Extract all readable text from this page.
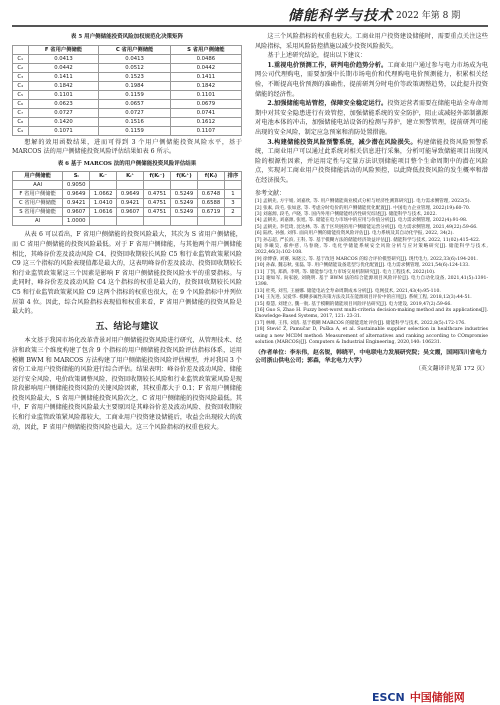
储能科学与技术 2022 年第 8 期
表 5 用户侧储能投资风险加权规范化决策矩阵
	F 省用户侧储能	C 省用户侧储能	S 省用户侧储能
C₁	0.0413	0.0413	0.0486
C₂	0.0442	0.0512	0.0442
C₃	0.1411	0.1523	0.1411
C₄	0.1842	0.1984	0.1842
C₅	0.1101	0.1159	0.1101
C₆	0.0623	0.0657	0.0679
C₇	0.0727	0.0727	0.0741
C₈	0.1420	0.1516	0.1612
C₉	0.1071	0.1159	0.1107

想解的效用函数结果，进而可得到 3 个用户侧储能投资风险水平，基于 MARCOS 法的用户侧储能投资风险评估结果如表 6 所示。

表 6 基于 MARCOS 法的用户侧储能投资风险评估结果
用户侧储能	Sᵢ	Kᵢ⁻	Kᵢ⁺	f(Kᵢ⁻)	f(Kᵢ⁺)	f(Kᵢ)	排序
AAI	0.9050						
F 省用户侧储能	0.9649	1.0662	0.9649	0.4751	0.5249	0.6748	1
C 省用户侧储能	0.9421	1.0410	0.9421	0.4751	0.5249	0.6588	3
S 省用户侧储能	0.9607	1.0616	0.9607	0.4751	0.5249	0.6719	2
AI	1.0000						

从表 6 可以看出，F 省用户侧储能的投资风险最大，其次为 S 省用户侧储能，而 C 省用户侧储能的投资风险最低。对于 F 省用户侧储能，与其他两个用户侧储能相比，其峰谷价差及波动风险 C4、投资回收期较长风险 C5 和行业监管政策紧风险 C9 这三个指标的风险表现值都是最大的，这表明峰谷价差及波动、投资回收期较长和行业监管政策紧这三个因素是影响 F 省用户侧储能投资风险水平的重要指标。与此同时，峰谷价差及波动风险 C4 这个指标的权重是最大的，投资回收期较长风险 C5 和行业监管政策紧风险 C9 这两个指标的权重也很大，在 9 个风险指标中并列位居第 4 位。因此，综合风险指标表现值和权重来看，F 省用户侧储能的投资风险是最大的。

五、结论与建议

本文基于我国市场化改革背景对用户侧储能投资风险进行研究，从管理技术、经济和政策三个维度构建了包含 9 个指标的用户侧储能投资风险评估指标体系，运用模糊 BWM 和 MARCOS 方法构建了用户侧储能投资风险评估模型，并对我国 3 个省份工业用户投资储能的风险进行综合评估。结果表明：峰谷价差及波动风险、储能运行安全风险、电价政策调整风险、投资回收期较长风险和行业监管政策紧风险是现阶段影响用户侧储能投资风险的关键风险因素，其权重都大于 0.1；F 省用户侧储能投资风险最大，S 省用户侧储能投资风险次之，C 省用户侧储能的投资风险最低。其中，F 省用户侧储能投资风险最大主要原因是其峰谷价差及波动风险、投资回收期较长和行业监管政策紧风险都较大，工商业用户投资建设储能后，收益会出现较大的波动，因此，F 省用户侧储能投资风险也最大。这三个风险指标的权重也较大。

这三个风险指标的权重也较大。工商业用户投资建设储能时，需要重点关注这些风险指标，采用风险防控措施以减少投资风险损失。

基于上述研究结论，提出以下建议：

1.重视电价预测工作，研判电价趋势分析。工商业用户通过参与电力市场成为电网公司代理购电，需要加强中长期市场电价和代理购电电价预测能力，积累相关经验，不断提高电价预测的准确性，提前研判分时电价等政策调整趋势，以此提升投资储能的经济性。

2.加强储能电站管控，保障安全稳定运行。投资运营者需要在储能电站全寿命周期中对其安全隐患进行有效管控，加强储能系统的安全防护，阻止或减轻外部制激源对电池本体的冲击，加强储能电站设备的检测与养护，建立预警管理，提前研判可能出现的安全风险，制定应急预案和消防处置措施。

3.构建储能投资风险预警系统，减少潜在风险损失。构建储能投资风险预警系统，工商业用户可以通过此系统对相关信息进行采集，分析可能导致储能项目出现风险的根源性因素，并运用定性与定量方法识别储能项目整个生命周期中的潜在风险点，实现对工商业用户投资储能活动的风险预控，以此降低投资风险的发生概率和潜在经济损失。

参考文献：
[1] 孟朝先, 方宇娟, 刘嘉欣, 等. 用户侧储能商业模式分析与经济性测算研究[J]. 电力需求侧管理, 2022(5).
[2] 张素, 段毛, 张如意, 等. 考虑分时电价的用户侧储能优化配置[J]. 中国电力企业管理, 2022(19):60-70.
[3] 刘嘉源, 段毛, 卢晓, 等. 国内外用户侧储能经济性研究综述[J]. 储能科学与技术, 2022.
[4] 孟朝先, 刘嘉源, 张旭, 等. 储能在电力市场中的应用与价值分析[J]. 电力需求侧管理, 2022(4):91-98.
[5] 孟朝先, 李佳琦, 沈达林, 等. 基于区块链的用户侧储能运营分析[J]. 电力需求侧管理, 2021,49(22):59-66.
[6] 陆欣, 孙强, 刘伟. 面向用户侧的储能投资风险评估[J]. 电力系统及其自动化学报, 2022, 34(2).
[7] 孙志超, 严长滨, 王科, 等. 基于模糊方法的储能经济效益评估[J]. 储能科学与技术, 2022, 11(02):415-422.
[8] 李曦昊, 郝仲慈, 马春晓, 等. 电化学储能系统安全风险分析与应对策略研究[J]. 储能科学与技术, 2022,46(3):102-108.
[9] 徐博睿, 刘赛, 朱晓云, 等. 基于改进 MARCOS 的综合评价模型研究[J]. 现代电力, 2022,33(6):194-201.
[10] 孙森, 魏志秋, 张磊, 等. 用户侧储能设备选型与优化配置[J]. 电力需求侧管理, 2021,54(6):124-133.
[11] 丁凯, 郑新, 李明, 等. 储能参与电力市场交易机制研究[J]. 电力工程技术, 2022(10).
[12] 谢如军, 尚家骏, 刘晓明. 基于 BWM 法的综合能源项目风险评价[J]. 电力自动化设备, 2021,41(5):1391-1398.
[13] 杜英, 刘雪, 王丽娜. 储能电站全寿命周期成本分析[J]. 电网技术, 2021,43(4):95-110.
[14] 王先进, 吴爱华. 模糊多属性决策方法及其在能源项目评价中的应用[J]. 系统工程, 2018,12(3):44-51.
[15] 蔡慧, 刘建立, 魏一航. 基于模糊的储能项目风险评估研究[J]. 电力建设, 2019,47(2):59-66.
[16] Guo S, Zhao H. Fuzzy best-worst multi-criteria decision-making method and its applications[J]. Knowledge-Based Systems, 2017, 121: 23-31.
[17] 林峰, 王伟, 刘清. 基于模糊 MARCOS 的储能选址评价[J]. 储能科学与技术, 2022,8(5):172-176.
[18] Stević Ž, Pamučar D, Puška A, et al. Sustainable supplier selection in healthcare industries using a new MCDM method: Measurement of alternatives and ranking according to COmpromise solution (MARCOS)[J]. Computers & Industrial Engineering, 2020,140: 106231.
（作者单位：李东伟，赵名锐，韩晓平，中电联电力发展研究院；吴文霞，国网四川省电力公司浙山供电公司；郭森，华北电力大学）
（英文翻译详见第 172 页）
ESCN 中国储能网
